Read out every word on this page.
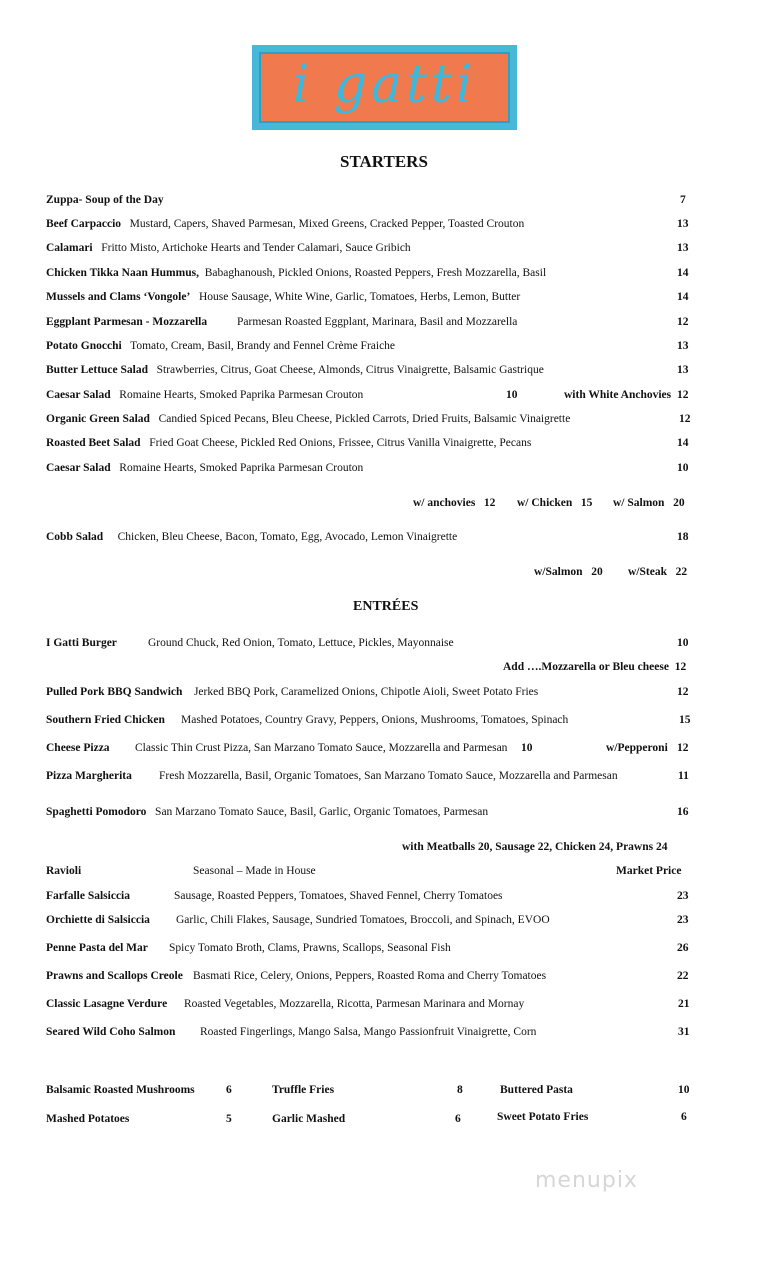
i gatti
STARTERS
Zuppa- Soup of the Day	7
Beef Carpaccio Mustard, Capers, Shaved Parmesan, Mixed Greens, Cracked Pepper, Toasted Crouton	13
Calamari Fritto Misto, Artichoke Hearts and Tender Calamari, Sauce Gribich	13
Chicken Tikka Naan Hummus, Babaghanoush, Pickled Onions, Roasted Peppers, Fresh Mozzarella, Basil	14
Mussels and Clams ‘Vongole’ House Sausage, White Wine, Garlic, Tomatoes, Herbs, Lemon, Butter	14
Eggplant Parmesan - Mozzarella	Parmesan Roasted Eggplant, Marinara, Basil and Mozzarella	12
Potato Gnocchi Tomato, Cream, Basil, Brandy and Fennel Crème Fraiche	13
Butter Lettuce Salad Strawberries, Citrus, Goat Cheese, Almonds, Citrus Vinaigrette, Balsamic Gastrique	13
Caesar Salad Romaine Hearts, Smoked Paprika Parmesan Crouton	10	with White Anchovies 12
Organic Green Salad Candied Spiced Pecans, Bleu Cheese, Pickled Carrots, Dried Fruits, Balsamic Vinaigrette	12
Roasted Beet Salad Fried Goat Cheese, Pickled Red Onions, Frissee, Citrus Vanilla Vinaigrette, Pecans	14
Caesar Salad Romaine Hearts, Smoked Paprika Parmesan Crouton	10
w/ anchovies 12 w/ Chicken 15 w/ Salmon 20
Cobb Salad Chicken, Bleu Cheese, Bacon, Tomato, Egg, Avocado, Lemon Vinaigrette	18
w/Salmon 20 w/Steak 22
ENTRÉES
I Gatti Burger	Ground Chuck, Red Onion, Tomato, Lettuce, Pickles, Mayonnaise	10
Add ….Mozzarella or Bleu cheese 12
Pulled Pork BBQ Sandwich Jerked BBQ Pork, Caramelized Onions, Chipotle Aioli, Sweet Potato Fries	12
Southern Fried Chicken Mashed Potatoes, Country Gravy, Peppers, Onions, Mushrooms, Tomatoes, Spinach	15
Cheese Pizza Classic Thin Crust Pizza, San Marzano Tomato Sauce, Mozzarella and Parmesan 10	w/Pepperoni 12
Pizza Margherita Fresh Mozzarella, Basil, Organic Tomatoes, San Marzano Tomato Sauce, Mozzarella and Parmesan	11
Spaghetti Pomodoro San Marzano Tomato Sauce, Basil, Garlic, Organic Tomatoes, Parmesan	16
with Meatballs 20, Sausage 22, Chicken 24, Prawns 24
Ravioli	Seasonal – Made in House	Market Price
Farfalle Salsiccia	Sausage, Roasted Peppers, Tomatoes, Shaved Fennel, Cherry Tomatoes	23
Orchiette di Salsiccia Garlic, Chili Flakes, Sausage, Sundried Tomatoes, Broccoli, and Spinach, EVOO	23
Penne Pasta del Mar Spicy Tomato Broth, Clams, Prawns, Scallops, Seasonal Fish	26
Prawns and Scallops Creole Basmati Rice, Celery, Onions, Peppers, Roasted Roma and Cherry Tomatoes	22
Classic Lasagne Verdure Roasted Vegetables, Mozzarella, Ricotta, Parmesan Marinara and Mornay	21
Seared Wild Coho Salmon Roasted Fingerlings, Mango Salsa, Mango Passionfruit Vinaigrette, Corn	31
Balsamic Roasted Mushrooms	6	Truffle Fries	8	Buttered Pasta	10
Mashed Potatoes	5	Garlic Mashed	6	Sweet Potato Fries	6
menupix
